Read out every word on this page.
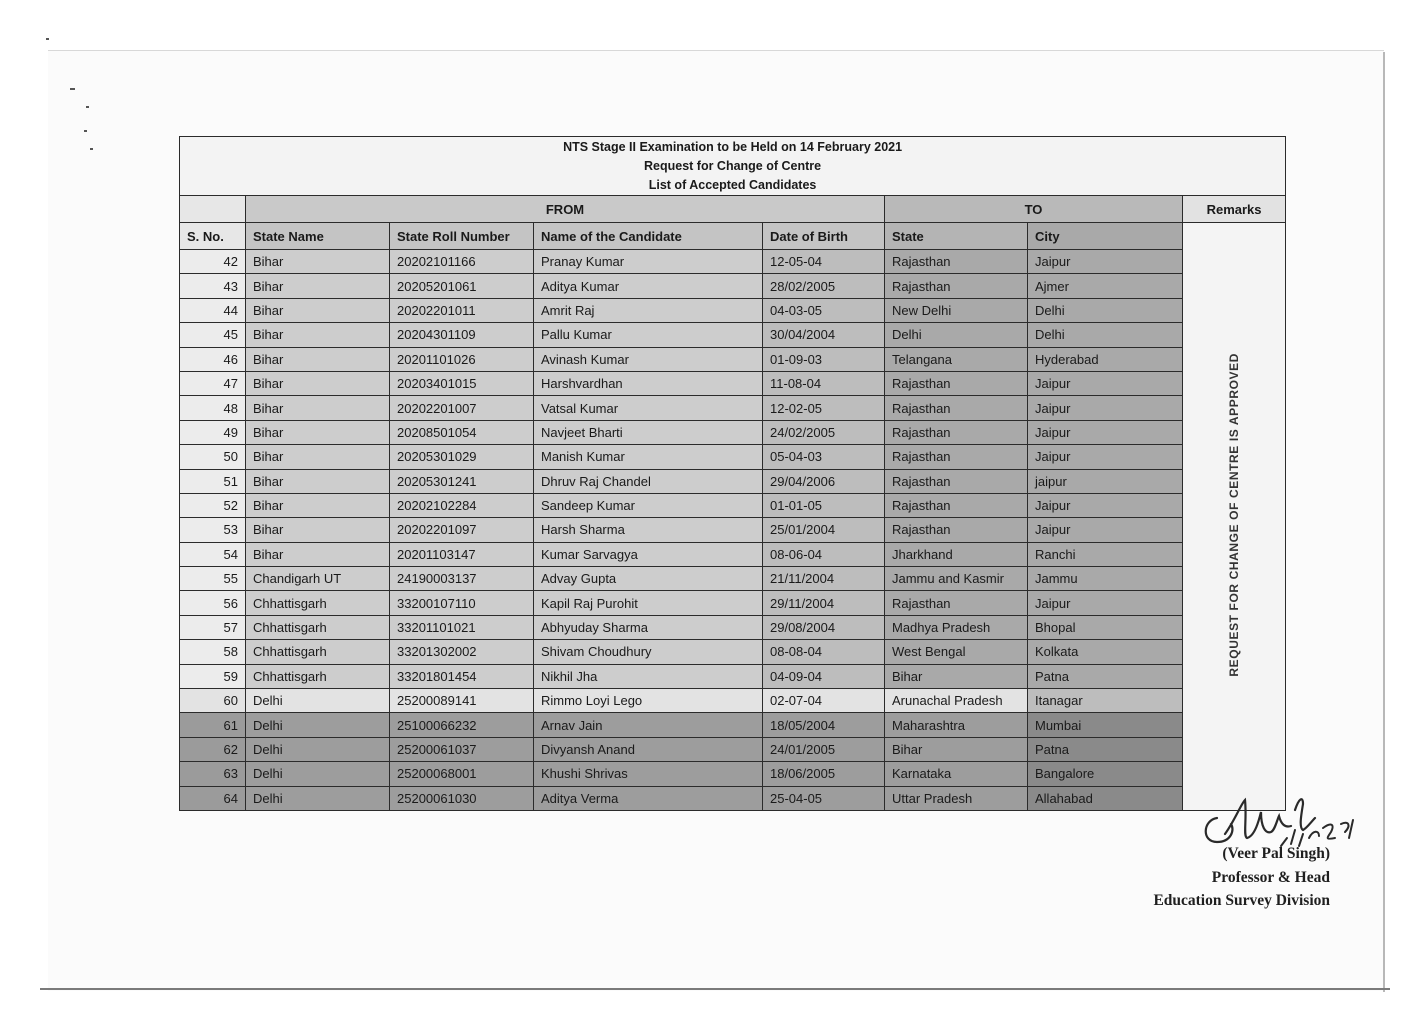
NTS Stage II Examination to be Held on 14 February 2021
Request for Change of Centre
List of Accepted Candidates							

	FROM				TO		Remarks
S. No.	State Name	State Roll Number	Name of the Candidate	Date of Birth	State	City	REQUEST FOR CHANGE OF CENTRE IS APPROVED
42	Bihar	20202101166	Pranay Kumar	12-05-04	Rajasthan	Jaipur	
43	Bihar	20205201061	Aditya Kumar	28/02/2005	Rajasthan	Ajmer	
44	Bihar	20202201011	Amrit Raj	04-03-05	New Delhi	Delhi	
45	Bihar	20204301109	Pallu Kumar	30/04/2004	Delhi	Delhi	
46	Bihar	20201101026	Avinash Kumar	01-09-03	Telangana	Hyderabad	
47	Bihar	20203401015	Harshvardhan	11-08-04	Rajasthan	Jaipur	
48	Bihar	20202201007	Vatsal Kumar	12-02-05	Rajasthan	Jaipur	
49	Bihar	20208501054	Navjeet Bharti	24/02/2005	Rajasthan	Jaipur	
50	Bihar	20205301029	Manish Kumar	05-04-03	Rajasthan	Jaipur	
51	Bihar	20205301241	Dhruv Raj Chandel	29/04/2006	Rajasthan	jaipur	
52	Bihar	20202102284	Sandeep Kumar	01-01-05	Rajasthan	Jaipur	
53	Bihar	20202201097	Harsh Sharma	25/01/2004	Rajasthan	Jaipur	
54	Bihar	20201103147	Kumar Sarvagya	08-06-04	Jharkhand	Ranchi	
55	Chandigarh UT	24190003137	Advay Gupta	21/11/2004	Jammu and Kasmir	Jammu	
56	Chhattisgarh	33200107110	Kapil Raj Purohit	29/11/2004	Rajasthan	Jaipur	
57	Chhattisgarh	33201101021	Abhyuday Sharma	29/08/2004	Madhya Pradesh	Bhopal	
58	Chhattisgarh	33201302002	Shivam Choudhury	08-08-04	West Bengal	Kolkata	
59	Chhattisgarh	33201801454	Nikhil Jha	04-09-04	Bihar	Patna	
60	Delhi	25200089141	Rimmo Loyi Lego	02-07-04	Arunachal Pradesh	Itanagar	
61	Delhi	25100066232	Arnav Jain	18/05/2004	Maharashtra	Mumbai	
62	Delhi	25200061037	Divyansh Anand	24/01/2005	Bihar	Patna	
63	Delhi	25200068001	Khushi Shrivas	18/06/2005	Karnataka	Bangalore	
64	Delhi	25200061030	Aditya Verma	25-04-05	Uttar Pradesh	Allahabad	
(Veer Pal Singh)
Professor & Head
Education Survey Division
